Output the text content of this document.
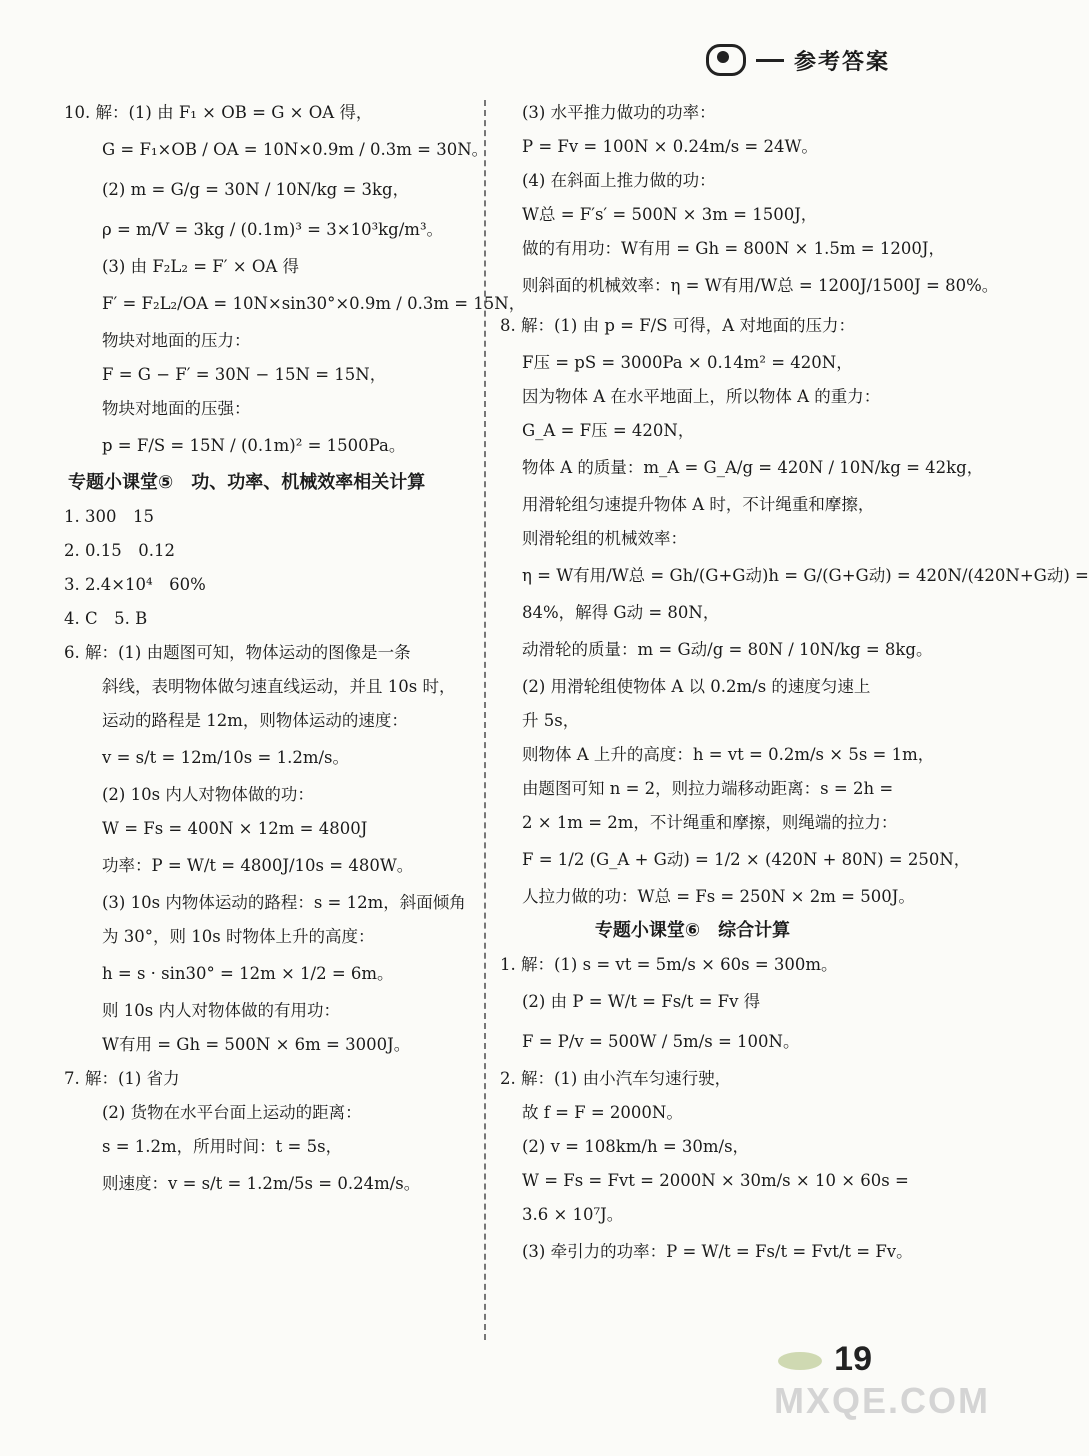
参考答案
10. 解：(1) 由 F₁ × OB = G × OA 得，
G = F₁×OB / OA = 10N×0.9m / 0.3m = 30N。
(2) m = G/g = 30N / 10N/kg = 3kg，
ρ = m/V = 3kg / (0.1m)³ = 3×10³kg/m³。
(3) 由 F₂L₂ = F′ × OA 得
F′ = F₂L₂/OA = 10N×sin30°×0.9m / 0.3m = 15N，
物块对地面的压力：
F = G − F′ = 30N − 15N = 15N，
物块对地面的压强：
p = F/S = 15N / (0.1m)² = 1500Pa。
专题小课堂⑤　功、功率、机械效率相关计算
1. 300　15
2. 0.15　0.12
3. 2.4×10⁴　60%
4. C　5. B
6. 解：(1) 由题图可知，物体运动的图像是一条
斜线，表明物体做匀速直线运动，并且 10s 时，
运动的路程是 12m，则物体运动的速度：
v = s/t = 12m/10s = 1.2m/s。
(2) 10s 内人对物体做的功：
W = Fs = 400N × 12m = 4800J
功率：P = W/t = 4800J/10s = 480W。
(3) 10s 内物体运动的路程：s = 12m，斜面倾角
为 30°，则 10s 时物体上升的高度：
h = s · sin30° = 12m × 1/2 = 6m。
则 10s 内人对物体做的有用功：
W有用 = Gh = 500N × 6m = 3000J。
7. 解：(1) 省力
(2) 货物在水平台面上运动的距离：
s = 1.2m，所用时间：t = 5s，
则速度：v = s/t = 1.2m/5s = 0.24m/s。
(3) 水平推力做功的功率：
P = Fv = 100N × 0.24m/s = 24W。
(4) 在斜面上推力做的功：
W总 = F′s′ = 500N × 3m = 1500J，
做的有用功：W有用 = Gh = 800N × 1.5m = 1200J，
则斜面的机械效率：η = W有用/W总 = 1200J/1500J = 80%。
8. 解：(1) 由 p = F/S 可得，A 对地面的压力：
F压 = pS = 3000Pa × 0.14m² = 420N，
因为物体 A 在水平地面上，所以物体 A 的重力：
G_A = F压 = 420N，
物体 A 的质量：m_A = G_A/g = 420N / 10N/kg = 42kg，
用滑轮组匀速提升物体 A 时，不计绳重和摩擦，
则滑轮组的机械效率：
η = W有用/W总 = Gh/(G+G动)h = G/(G+G动) = 420N/(420N+G动) =
84%，解得 G动 = 80N，
动滑轮的质量：m = G动/g = 80N / 10N/kg = 8kg。
(2) 用滑轮组使物体 A 以 0.2m/s 的速度匀速上
升 5s，
则物体 A 上升的高度：h = vt = 0.2m/s × 5s = 1m，
由题图可知 n = 2，则拉力端移动距离：s = 2h =
2 × 1m = 2m，不计绳重和摩擦，则绳端的拉力：
F = 1/2 (G_A + G动) = 1/2 × (420N + 80N) = 250N，
人拉力做的功：W总 = Fs = 250N × 2m = 500J。
专题小课堂⑥　综合计算
1. 解：(1) s = vt = 5m/s × 60s = 300m。
(2) 由 P = W/t = Fs/t = Fv 得
F = P/v = 500W / 5m/s = 100N。
2. 解：(1) 由小汽车匀速行驶，
故 f = F = 2000N。
(2) v = 108km/h = 30m/s，
W = Fs = Fvt = 2000N × 30m/s × 10 × 60s =
3.6 × 10⁷J。
(3) 牵引力的功率：P = W/t = Fs/t = Fvt/t = Fv。
19
MXQE.COM
